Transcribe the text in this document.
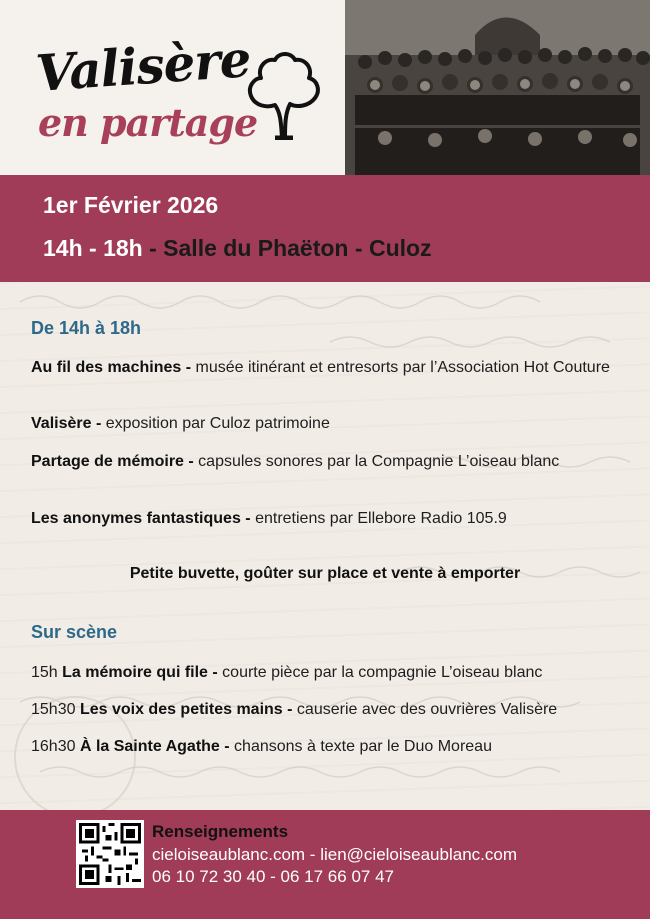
Valisère
en partage
1er Février 2026
14h - 18h - Salle du Phaëton - Culoz
De 14h à 18h
Au fil des machines - musée itinérant et entresorts par l’Association Hot Couture
Valisère - exposition par Culoz patrimoine
Partage de mémoire - capsules sonores par la Compagnie L’oiseau blanc
Les anonymes fantastiques - entretiens par Ellebore Radio 105.9
Petite buvette, goûter sur place et vente à emporter
Sur scène
15h La mémoire qui file - courte pièce par la compagnie L’oiseau blanc
15h30 Les voix des petites mains - causerie avec des ouvrières Valisère
16h30 À la Sainte Agathe - chansons à texte par le Duo Moreau
Renseignements
cieloiseaublanc.com - lien@cieloiseaublanc.com
06 10 72 30 40 - 06 17 66 07 47
